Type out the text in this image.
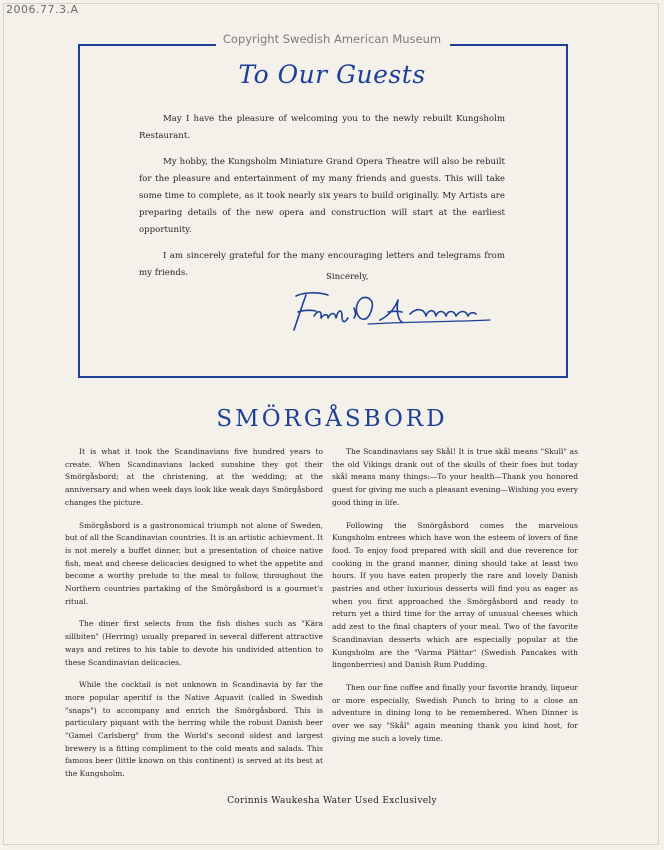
2006.77.3.A
Copyright Swedish American Museum
To Our Guests

May I have the pleasure of welcoming you to the newly rebuilt Kungsholm Restaurant.

My hobby, the Kungsholm Miniature Grand Opera Theatre will also be rebuilt for the pleasure and entertainment of my many friends and guests. This will take some time to complete, as it took nearly six years to build originally. My Artists are preparing details of the new opera and construction will start at the earliest opportunity.

I am sincerely grateful for the many encouraging letters and telegrams from my friends.	Sincerely,
SMÖRGÅSBORD

It is what it took the Scandinavians five hundred years to create. When Scandinavians lacked sunshine they got their Smörgåsbord; at the christening, at the wedding; at the anniversary and when week days look like weak days Smörgåsbord changes the picture.

Smörgåsbord is a gastronomical triumph not alone of Sweden, but of all the Scandinavian countries. It is an artistic achievment. It is not merely a buffet dinner, but a presentation of choice native fish, meat and cheese delicacies designed to whet the appetite and become a worthy prelude to the meal to follow, throughout the Northern countries partaking of the Smörgåsbord is a gourmet's ritual.

The diner first selects from the fish dishes such as "Kära sillbiten" (Herring) usually prepared in several different attractive ways and retires to his table to devote his undivided attention to these Scandinavian delicacies.

While the cocktail is not unknown in Scandinavia by far the more popular aperitif is the Native Aquavit (called in Swedish "snaps") to accompany and enrich the Smörgåsbord. This is particulary piquant with the herring while the robust Danish beer "Gamel Carlsberg" from the World's second oldest and largest brewery is a fitting compliment to the cold meats and salads. This famous beer (little known on this continent) is served at its best at the Kungsholm.

The Scandinavians say Skål! It is true skål means "Skull" as the old Vikings drank out of the skulls of their foes but today skål means many things:—To your health—Thank you honored guest for giving me such a pleasant evening—Wishing you every good thing in life.

Following the Smörgåsbord comes the marvelous Kungsholm entrees which have won the esteem of lovers of fine food. To enjoy food prepared with skill and due reverence for cooking in the grand manner, dining should take at least two hours. If you have eaten properly the rare and lovely Danish pastries and other luxurious desserts will find you as eager as when you first approached the Smörgåsbord and ready to return yet a third time for the array of unusual cheeses which add zest to the final chapters of your meal. Two of the favorite Scandinavian desserts which are especially popular at the Kungsholm are the "Varma Plättar" (Swedish Pancakes with lingonberries) and Danish Rum Pudding.

Then our fine coffee and finally your favorite brandy, liqueur or more especially, Swedish Punch to bring to a close an adventure in dining long to be remembered. When Dinner is over we say "Skål" again meaning thank you kind host, for giving me such a lovely time.

Corinnis Waukesha Water Used Exclusively
